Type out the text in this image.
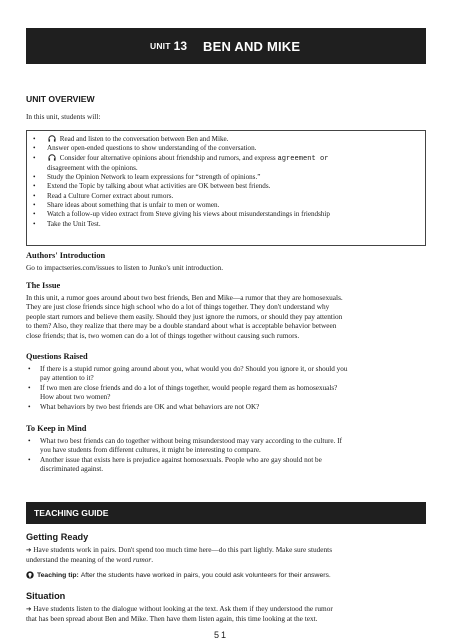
UNIT 13 BEN AND MIKE
UNIT OVERVIEW

In this unit, students will:

•	Read and listen to the conversation between Ben and Mike.
• Answer open-ended questions to show understanding of the conversation.
•	Consider four alternative opinions about friendship and rumors, and express agreement or
disagreement with the opinions.
• Study the Opinion Network to learn expressions for “strength of opinions.”
• Extend the Topic by talking about what activities are OK between best friends.
• Read a Culture Corner extract about rumors.
• Share ideas about something that is unfair to men or women.
• Watch a follow-up video extract from Steve giving his views about misunderstandings in friendship
• Take the Unit Test.
Authors' Introduction

Go to impactseries.com/issues to listen to Junko's unit introduction.

The Issue
In this unit, a rumor goes around about two best friends, Ben and Mike—a rumor that they are homosexuals.
They are just close friends since high school who do a lot of things together. They don't understand why
people start rumors and believe them easily. Should they just ignore the rumors, or should they pay attention
to them? Also, they realize that there may be a double standard about what is acceptable behavior between
close friends; that is, two women can do a lot of things together without causing such rumors.
Questions Raised
• If there is a stupid rumor going around about you, what would you do? Should you ignore it, or should you
pay attention to it?
• If two men are close friends and do a lot of things together, would people regard them as homosexuals?
How about two women?
• What behaviors by two best friends are OK and what behaviors are not OK?
To Keep in Mind
• What two best friends can do together without being misunderstood may vary according to the culture. If
you have students from different cultures, it might be interesting to compare.
• Another issue that exists here is prejudice against homosexuals. People who are gay should not be
discriminated against.
TEACHING GUIDE
Getting Ready
➔ Have students work in pairs. Don't spend too much time here—do this part lightly. Make sure students
understand the meaning of the word rumor.
Teaching tip:
After the students have worked in pairs, you could ask volunteers for their answers.
Situation
➔ Have students listen to the dialogue without looking at the text. Ask them if they understood the rumor
that has been spread about Ben and Mike. Then have them listen again, this time looking at the text.
51
